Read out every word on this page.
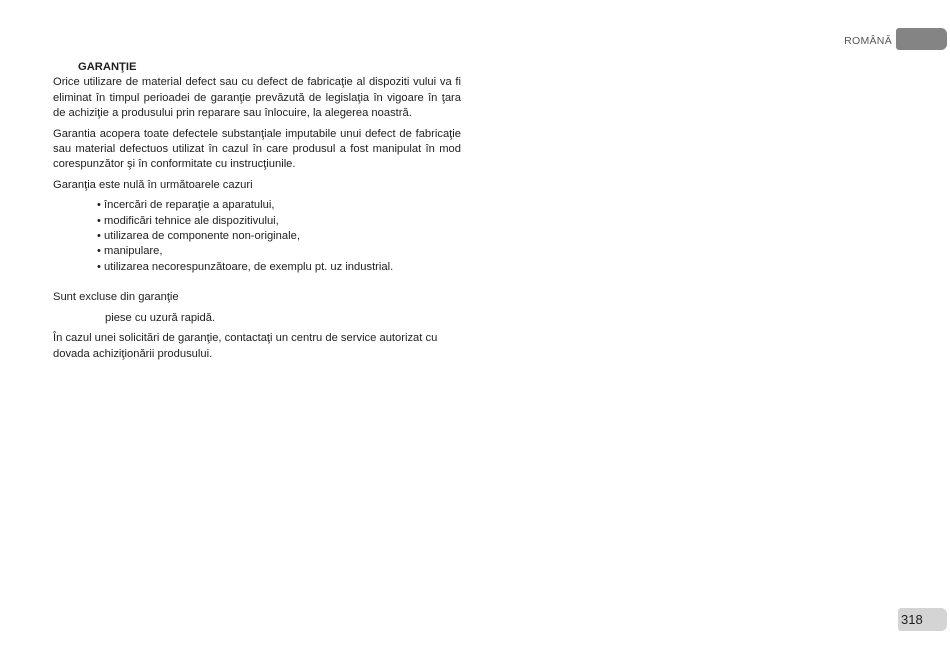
ROMÂNĂ
GARANŢIE

Orice utilizare de material defect sau cu defect de fabricaţie al dispoziti vului va fi eliminat în timpul perioadei de garanţie prevăzută de legislaţia în vigoare în ţara de achiziţie a produsului prin reparare sau înlocuire, la alegerea noastră.

Garantia acopera toate defectele substanţiale imputabile unui defect de fabricaţie sau material defectuos utilizat în cazul în care produsul a fost manipulat în mod corespunzător şi în conformitate cu instrucţiunile.

Garanţia este nulă în următoarele cazuri

• încercări de reparaţie a aparatului,
• modificări tehnice ale dispozitivului,
• utilizarea de componente non-originale,
• manipulare,
• utilizarea necorespunzătoare, de exemplu pt. uz industrial.

Sunt excluse din garanţie

piese cu uzură rapidă.

În cazul unei solicitări de garanţie, contactaţi un centru de service autorizat cu dovada achiziţionării produsului.

318
